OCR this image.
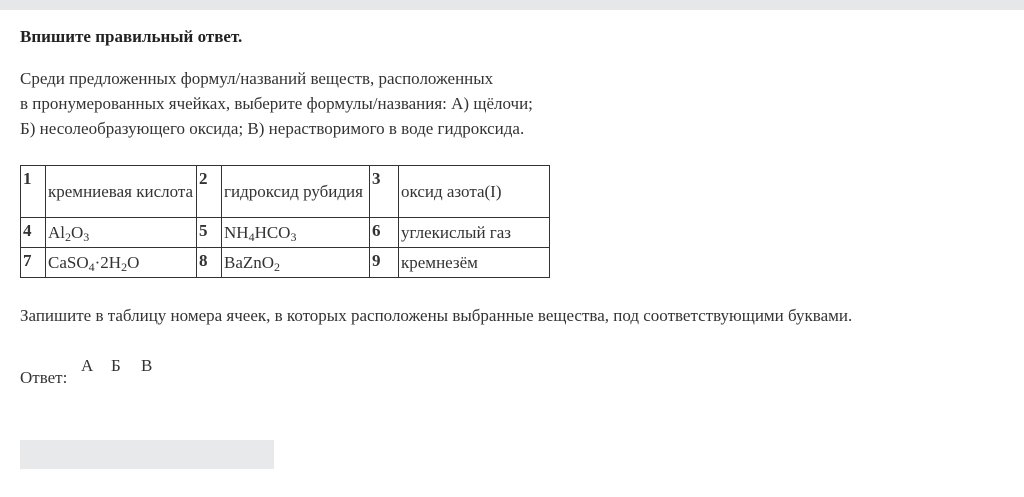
Впишите правильный ответ.
Среди предложенных формул/названий веществ, расположенных
в пронумерованных ячейках, выберите формулы/названия: А) щёлочи;
Б) несолеобразующего оксида; В) нерастворимого в воде гидроксида.
1	кремниевая кислота	2	гидроксид рубидия	3	оксид азота(I)
4	$Al_2O_3$	5	$NH_4HCO_3$	6	углекислый газ
7	$CaSO_4\cdot 2H_2O$	8	BaZnO$_2$	9	кремнезём
Запишите в таблицу номера ячеек, в которых расположены выбранные вещества, под соответствующими буквами.
Ответ:
А	Б	В
